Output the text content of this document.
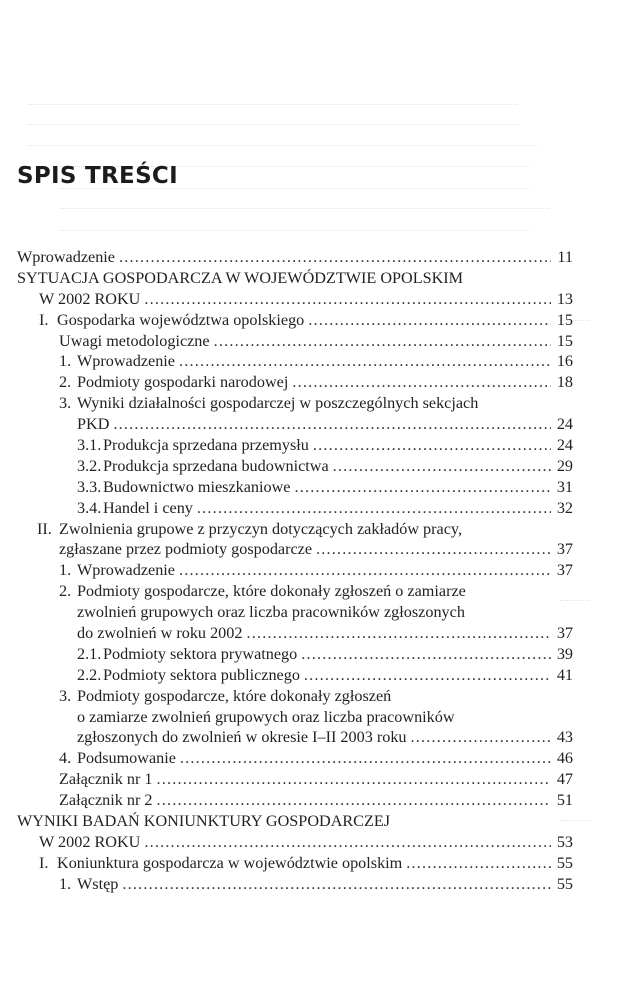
SPIS TREŚCI
Wprowadzenie .....	11
SYTUACJA GOSPODARCZA W WOJEWÓDZTWIE OPOLSKIM
W 2002 ROKU .....	13
I. Gospodarka województwa opolskiego .....	15
Uwagi metodologiczne .....	15
1. Wprowadzenie .....	16
2. Podmioty gospodarki narodowej .....	18
3. Wyniki działalności gospodarczej w poszczególnych sekcjach
PKD .....	24
3.1. Produkcja sprzedana przemysłu .....	24
3.2. Produkcja sprzedana budownictwa .....	29
3.3. Budownictwo mieszkaniowe .....	31
3.4. Handel i ceny .....	32
II. Zwolnienia grupowe z przyczyn dotyczących zakładów pracy,
zgłaszane przez podmioty gospodarcze .....	37
1. Wprowadzenie .....	37
2. Podmioty gospodarcze, które dokonały zgłoszeń o zamiarze
zwolnień grupowych oraz liczba pracowników zgłoszonych
do zwolnień w roku 2002 .....	37
2.1. Podmioty sektora prywatnego .....	39
2.2. Podmioty sektora publicznego .....	41
3. Podmioty gospodarcze, które dokonały zgłoszeń
o zamiarze zwolnień grupowych oraz liczba pracowników
zgłoszonych do zwolnień w okresie I–II 2003 roku .....	43
4. Podsumowanie .....	46
Załącznik nr 1 .....	47
Załącznik nr 2 .....	51
WYNIKI BADAŃ KONIUNKTURY GOSPODARCZEJ
W 2002 ROKU .....	53
I. Koniunktura gospodarcza w województwie opolskim .....	55
1. Wstęp .....	55
